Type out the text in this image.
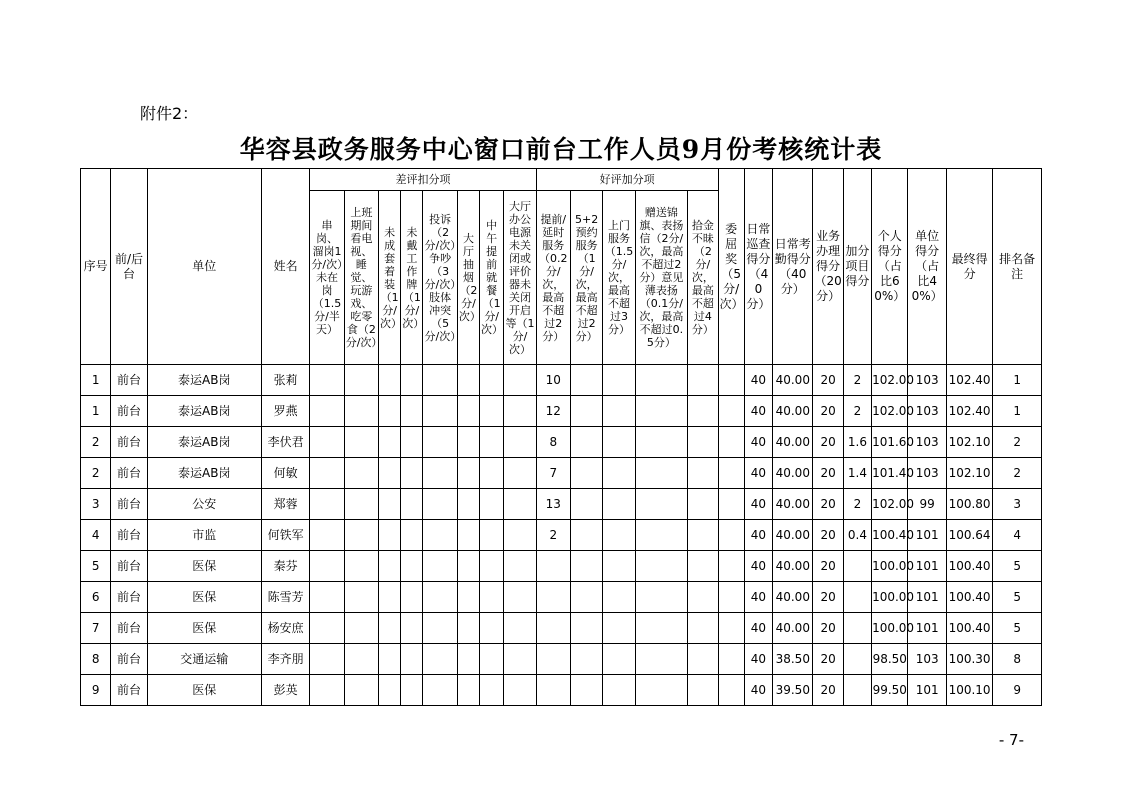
附件2：
华容县政务服务中心窗口前台工作人员9月份考核统计表
序号	前/后台	单位	姓名	差评扣分项								好评加分项					委屈奖（5分/次）	日常巡查得分（40分）	日常考勤得分（40分）	业务办理得分（20分）	加分项目得分	个人得分（占比60%）	单位得分（占比40%）	最终得分	排名备注

				串岗、溜岗1分/次）未在岗（1.5分/半天）	上班期间看电视、睡觉、玩游戏、吃零食（2分/次）	未成套着装（1分/次）	未戴工作牌（1分/次）	投诉（2分/次）争吵（3分/次）肢体冲突（5分/次）	大厅抽烟（2分/次）	中午提前就餐（1分/次）	大厅办公电源未关闭或评价器未关闭开启等（1分/次）	提前/延时服务（0.2分/次，最高不超过2分）	5+2预约服务（1分/次，最高不超过2分）	上门服务（1.5分/次，最高不超过3分）	赠送锦旗、表扬信（2分/次，最高不超过2分）意见薄表扬（0.1分/次，最高不超过0.5分）	拾金不昧（2分/次，最高不超过4分）									

1	前台	泰运AB岗	张莉									10						40	40.00	20	2	102.00	103	102.40	1
1	前台	泰运AB岗	罗燕									12						40	40.00	20	2	102.00	103	102.40	1
2	前台	泰运AB岗	李伏君									8						40	40.00	20	1.6	101.60	103	102.10	2
2	前台	泰运AB岗	何敏									7						40	40.00	20	1.4	101.40	103	102.10	2
3	前台	公安	郑蓉									13						40	40.00	20	2	102.00	99	100.80	3
4	前台	市监	何铁军									2						40	40.00	20	0.4	100.40	101	100.64	4
5	前台	医保	秦芬															40	40.00	20		100.00	101	100.40	5
6	前台	医保	陈雪芳															40	40.00	20		100.00	101	100.40	5
7	前台	医保	杨安庶															40	40.00	20		100.00	101	100.40	5
8	前台	交通运输	李齐朋															40	38.50	20		98.50	103	100.30	8
9	前台	医保	彭英															40	39.50	20		99.50	101	100.10	9
- 7-
